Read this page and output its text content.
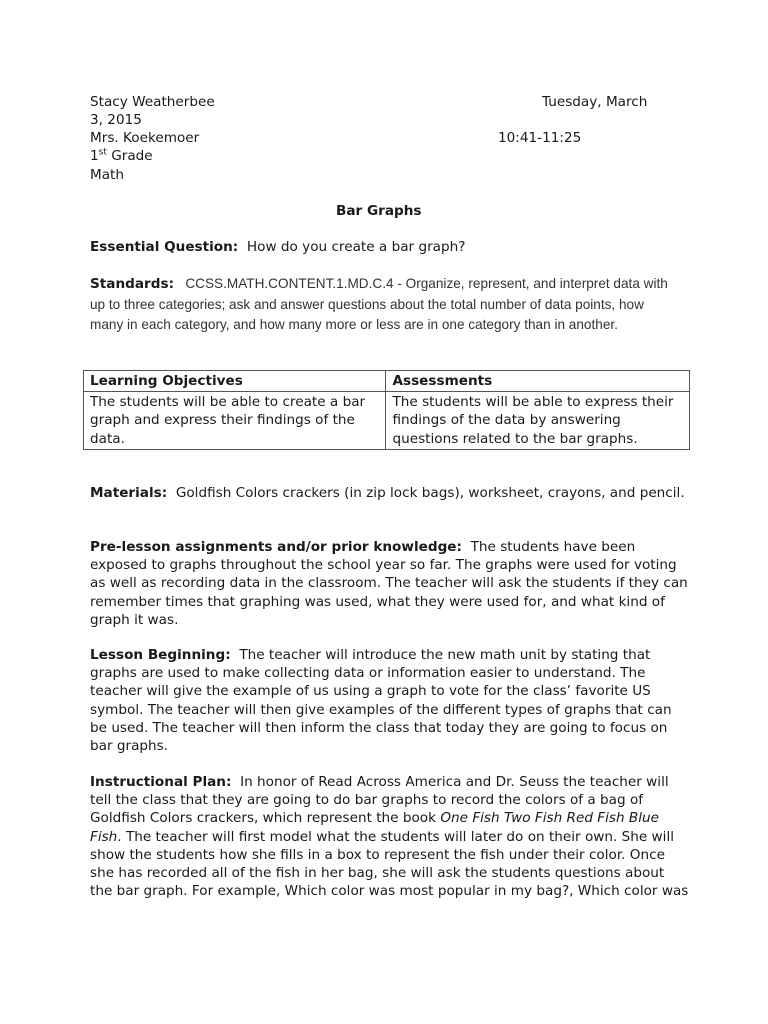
Stacy Weatherbee	Tuesday, March
3, 2015
Mrs. Koekemoer	10:41-11:25
1st Grade
Math
Bar Graphs
Essential Question: How do you create a bar graph?
Standards: CCSS.MATH.CONTENT.1.MD.C.4 - Organize, represent, and interpret data with up to three categories; ask and answer questions about the total number of data points, how many in each category, and how many more or less are in one category than in another.
Learning Objectives	Assessments
The students will be able to create a bar graph and express their findings of the data.	The students will be able to express their findings of the data by answering questions related to the bar graphs.
Materials: Goldfish Colors crackers (in zip lock bags), worksheet, crayons, and pencil.
Pre-lesson assignments and/or prior knowledge: The students have been exposed to graphs throughout the school year so far. The graphs were used for voting as well as recording data in the classroom. The teacher will ask the students if they can remember times that graphing was used, what they were used for, and what kind of graph it was.
Lesson Beginning: The teacher will introduce the new math unit by stating that graphs are used to make collecting data or information easier to understand. The teacher will give the example of us using a graph to vote for the class’ favorite US symbol. The teacher will then give examples of the different types of graphs that can be used. The teacher will then inform the class that today they are going to focus on bar graphs.
Instructional Plan: In honor of Read Across America and Dr. Seuss the teacher will tell the class that they are going to do bar graphs to record the colors of a bag of Goldfish Colors crackers, which represent the book One Fish Two Fish Red Fish Blue Fish. The teacher will first model what the students will later do on their own. She will show the students how she fills in a box to represent the fish under their color. Once she has recorded all of the fish in her bag, she will ask the students questions about the bar graph. For example, Which color was most popular in my bag?, Which color was
